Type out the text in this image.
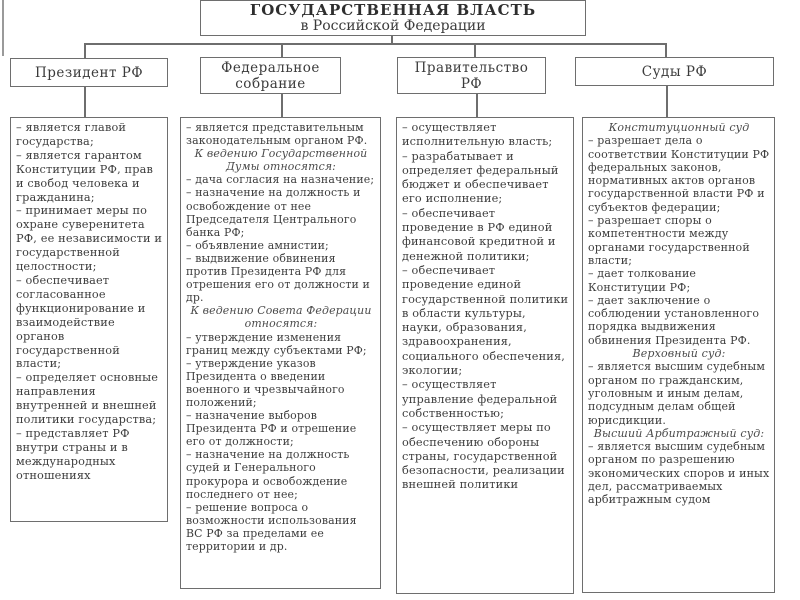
ГОСУДАРСТВЕННАЯ ВЛАСТЬ
в Российской Федерации
Президент РФ	Федеральное собрание
Правительство РФ
Суды РФ

– является главой государства;

– является гарантом Конституции РФ, прав и свобод человека и гражданина;

– принимает меры по охране суверенитета РФ, ее независимости и государственной целостности;

– обеспечивает согласованное функционирование и взаимодействие органов государственной власти;

– определяет основные направления внутренней и внешней политики государства;

– представляет РФ внутри страны и в международных отношениях

– является представительным законодательным органом РФ.

К ведению Государственной Думы относятся:

– дача согласия на назначение;

– назначение на должность и освобождение от нее Председателя Центрального банка РФ;

– объявление амнистии;

– выдвижение обвинения против Президента РФ для отрешения его от должности и др.

К ведению Совета Федерации относятся:

– утверждение изменения границ между субъектами РФ;

– утверждение указов Президента о введении военного и чрезвычайного положений;

– назначение выборов Президента РФ и отрешение его от должности;

– назначение на должность судей и Генерального прокурора и освобождение последнего от нее;

– решение вопроса о возможности использования ВС РФ за пределами ее территории и др.

– осуществляет исполнительную власть;

– разрабатывает и определяет федеральный бюджет и обеспечивает его исполнение;

– обеспечивает проведение в РФ единой финансовой кредитной и денежной политики;

– обеспечивает проведение единой государственной политики в области культуры, науки, образования, здравоохранения, социального обеспечения, экологии;

– осуществляет управление федеральной собственностью;

– осуществляет меры по обеспечению обороны страны, государственной безопасности, реализации внешней политики

Конституционный суд

– разрешает дела о соответствии Конституции РФ федеральных законов, нормативных актов органов государственной власти РФ и субъектов федерации;

– разрешает споры о компетентности между органами государственной власти;

– дает толкование Конституции РФ;

– дает заключение о соблюдении установленного порядка выдвижения обвинения Президента РФ.

Верховный суд:

– является высшим судебным органом по гражданским, уголовным и иным делам, подсудным делам общей юрисдикции.

Высший Арбитражный суд:

– является высшим судебным органом по разрешению экономических споров и иных дел, рассматриваемых арбитражным судом
